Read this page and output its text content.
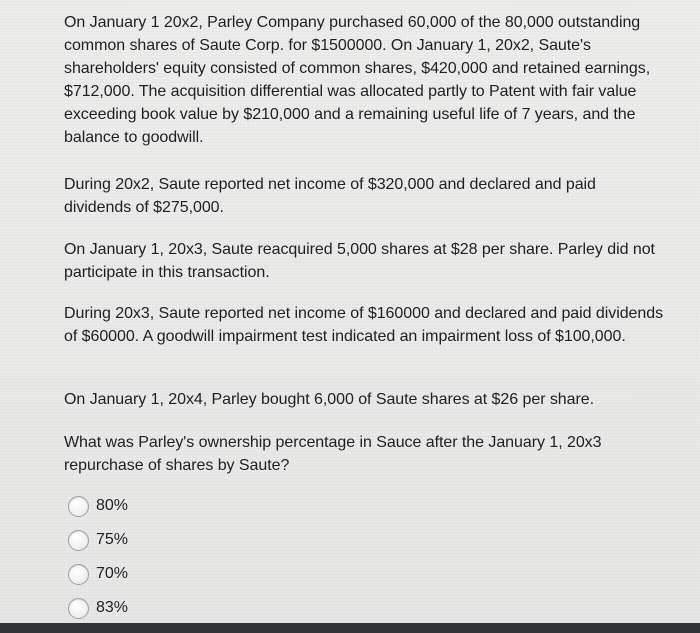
On January 1 20x2, Parley Company purchased 60,000 of the 80,000 outstanding common shares of Saute Corp. for $1500000. On January 1, 20x2, Saute's shareholders' equity consisted of common shares, $420,000 and retained earnings, $712,000. The acquisition differential was allocated partly to Patent with fair value exceeding book value by $210,000 and a remaining useful life of 7 years, and the balance to goodwill.

During 20x2, Saute reported net income of $320,000 and declared and paid dividends of $275,000.

On January 1, 20x3, Saute reacquired 5,000 shares at $28 per share. Parley did not participate in this transaction.

During 20x3, Saute reported net income of $160000 and declared and paid dividends of $60000. A goodwill impairment test indicated an impairment loss of $100,000.

On January 1, 20x4, Parley bought 6,000 of Saute shares at $26 per share.

What was Parley's ownership percentage in Sauce after the January 1, 20x3 repurchase of shares by Saute?

80%
75%
70%
83%
